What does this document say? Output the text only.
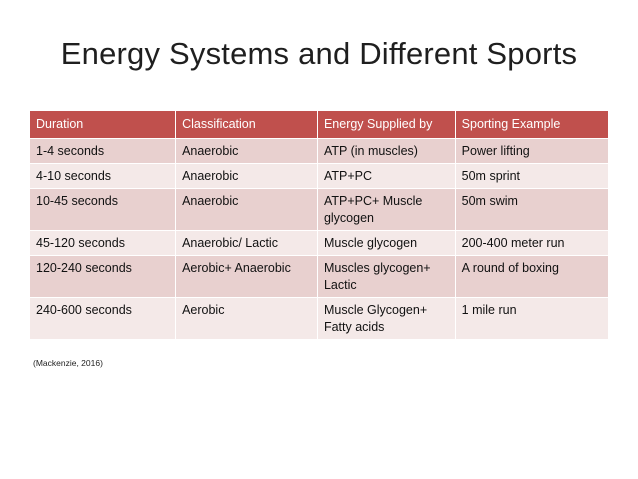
Energy Systems and Different Sports
Duration	Classification	Energy Supplied by	Sporting Example
1-4 seconds	Anaerobic	ATP (in muscles)	Power lifting
4-10 seconds	Anaerobic	ATP+PC	50m sprint
10-45 seconds	Anaerobic	ATP+PC+ Muscle glycogen	50m swim
45-120 seconds	Anaerobic/ Lactic	Muscle glycogen	200-400 meter run
120-240 seconds	Aerobic+ Anaerobic	Muscles glycogen+ Lactic	A round of boxing
240-600 seconds	Aerobic	Muscle Glycogen+ Fatty acids	1 mile run
(Mackenzie, 2016)
